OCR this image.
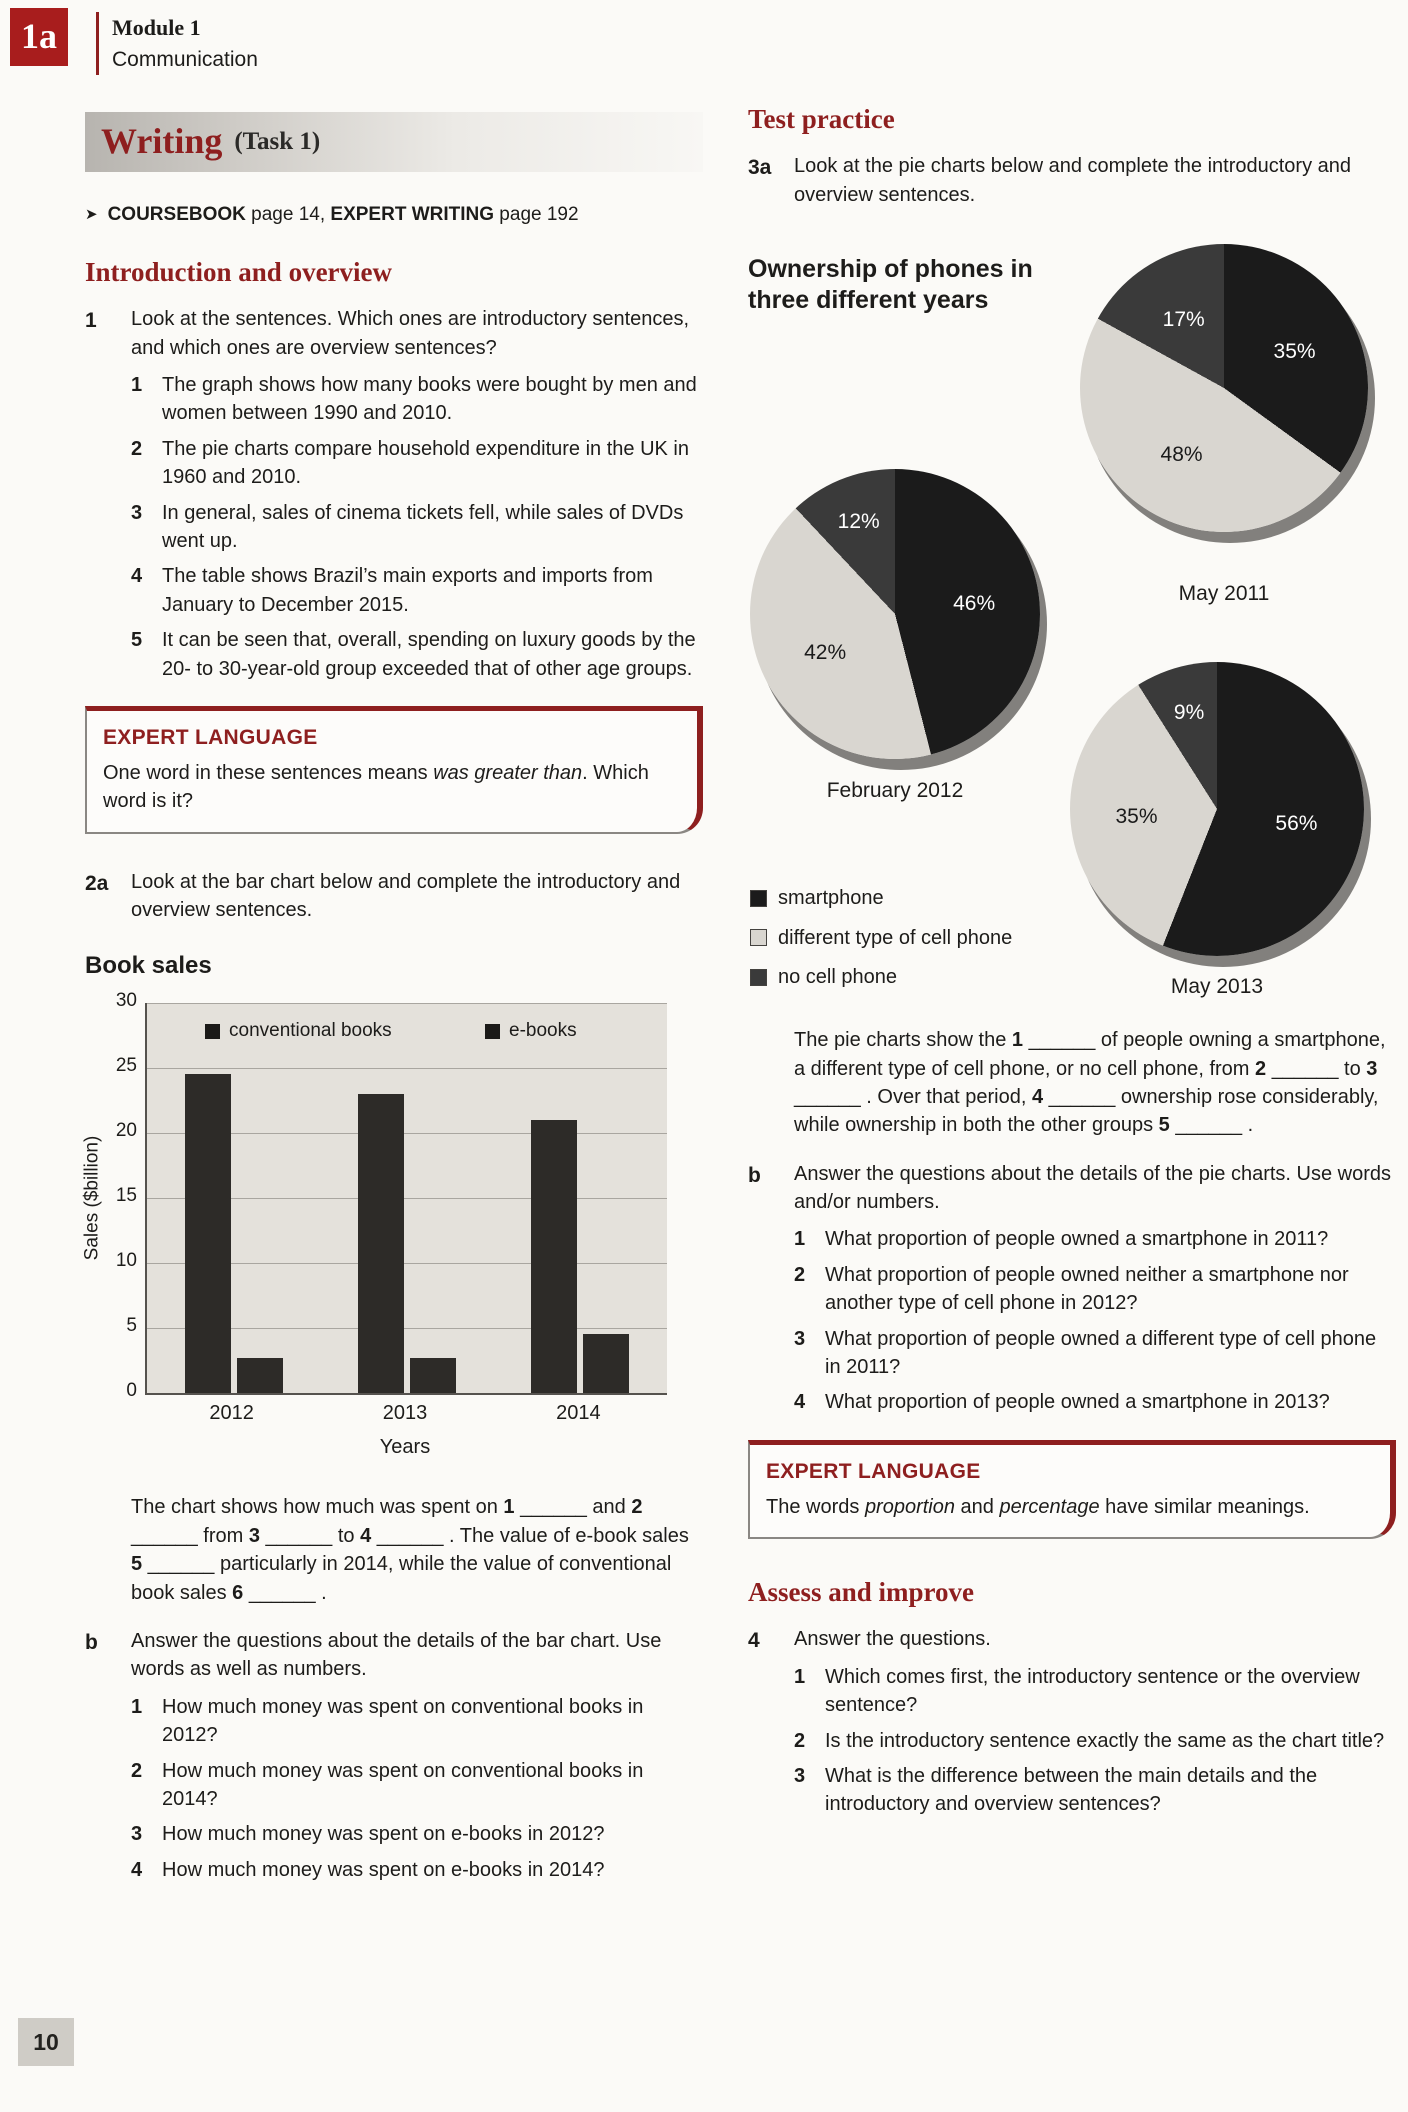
1a	Module 1
Communication
Writing (Task 1)
➤ COURSEBOOK page 14, EXPERT WRITING page 192
Introduction and overview
1	Look at the sentences. Which ones are introductory sentences, and which ones are overview sentences?
1 The graph shows how many books were bought by men and women between 1990 and 2010.
2 The pie charts compare household expenditure in the UK in 1960 and 2010.
3 In general, sales of cinema tickets fell, while sales of DVDs went up.
4 The table shows Brazil’s main exports and imports from January to December 2015.
5 It can be seen that, overall, spending on luxury goods by the 20- to 30-year-old group exceeded that of other age groups.
EXPERT LANGUAGE
One word in these sentences means was greater than. Which word is it?
2a	Look at the bar chart below and complete the introductory and overview sentences.
Book sales
Sales ($billion)
conventional books	e-books
0
5
10
15
20
25
30
2012	2013	2014
Years

The chart shows how much was spent on 1 ______ and 2 ______ from 3 ______ to 4 ______ . The value of e-book sales 5 ______ particularly in 2014, while the value of conventional book sales 6 ______ .

b	Answer the questions about the details of the bar chart. Use words as well as numbers.
1 How much money was spent on conventional books in 2012?
2 How much money was spent on conventional books in 2014?
3 How much money was spent on e-books in 2012?
4 How much money was spent on e-books in 2014?
Test practice
3a	Look at the pie charts below and complete the introductory and overview sentences.
Ownership of phones in three different years
35%
48%
17%
May 2011
46%
42%
12%
February 2012
56%
35%
9%
May 2013
smartphone
different type of cell phone
no cell phone

The pie charts show the 1 ______ of people owning a smartphone, a different type of cell phone, or no cell phone, from 2 ______ to 3 ______ . Over that period, 4 ______ ownership rose considerably, while ownership in both the other groups 5 ______ .

b	Answer the questions about the details of the pie charts. Use words and/or numbers.
1 What proportion of people owned a smartphone in 2011?
2 What proportion of people owned neither a smartphone nor another type of cell phone in 2012?
3 What proportion of people owned a different type of cell phone in 2011?
4 What proportion of people owned a smartphone in 2013?
EXPERT LANGUAGE
The words proportion and percentage have similar meanings.
Assess and improve
4	Answer the questions.
1 Which comes first, the introductory sentence or the overview sentence?
2 Is the introductory sentence exactly the same as the chart title?
3 What is the difference between the main details and the introductory and overview sentences?
10
